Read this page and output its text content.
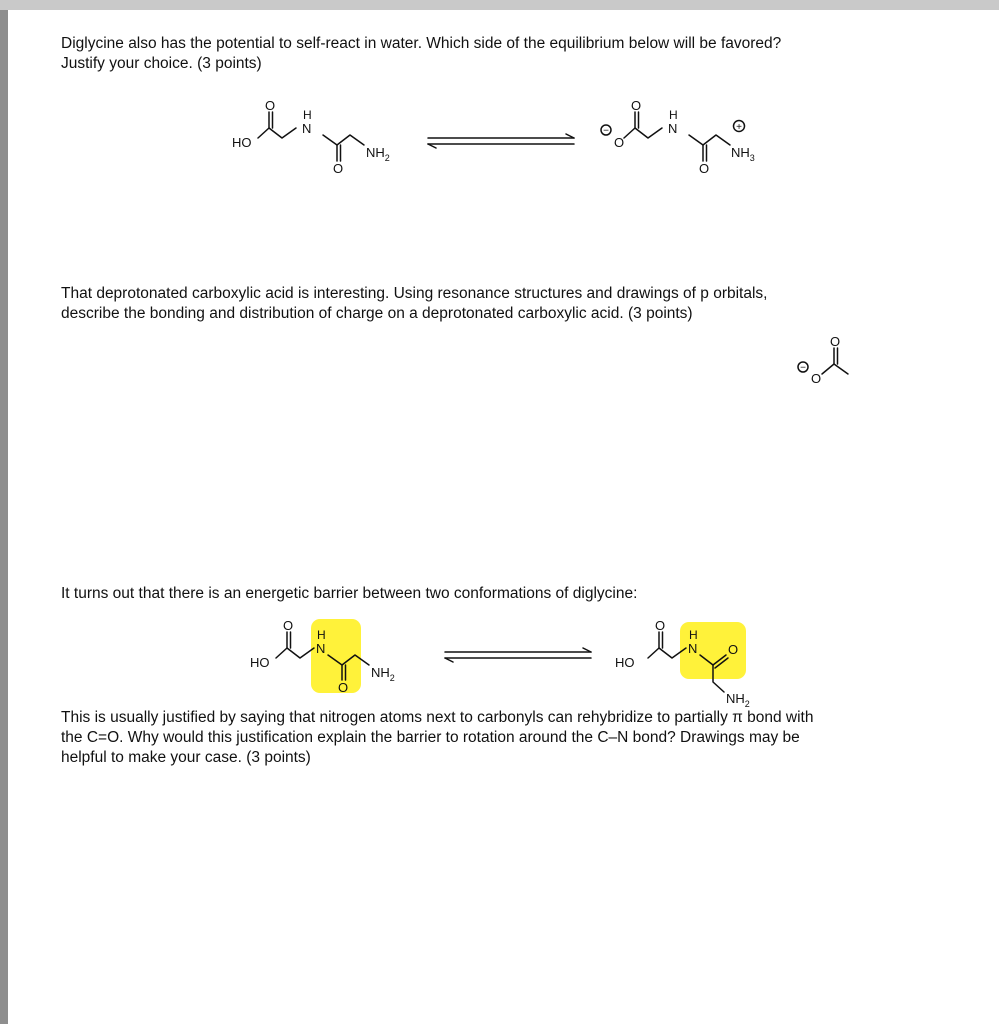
Diglycine also has the potential to self-react in water. Which side of the equilibrium below will be favored?

Justify your choice. (3 points)

That deprotonated carboxylic acid is interesting. Using resonance structures and drawings of p orbitals,

describe the bonding and distribution of charge on a deprotonated carboxylic acid. (3 points)

It turns out that there is an energetic barrier between two conformations of diglycine:

This is usually justified by saying that nitrogen atoms next to carbonyls can rehybridize to partially π bond with

the C=O. Why would this justification explain the barrier to rotation around the C–N bond? Drawings may be

helpful to make your case. (3 points)

HO
O
H
N
O
$NH_2$
−
O
O
H
N
O
+
$NH_3$
−
O
O
HO
O
H
N
O
$NH_2$
HO
O
H
N O
$NH_2$
